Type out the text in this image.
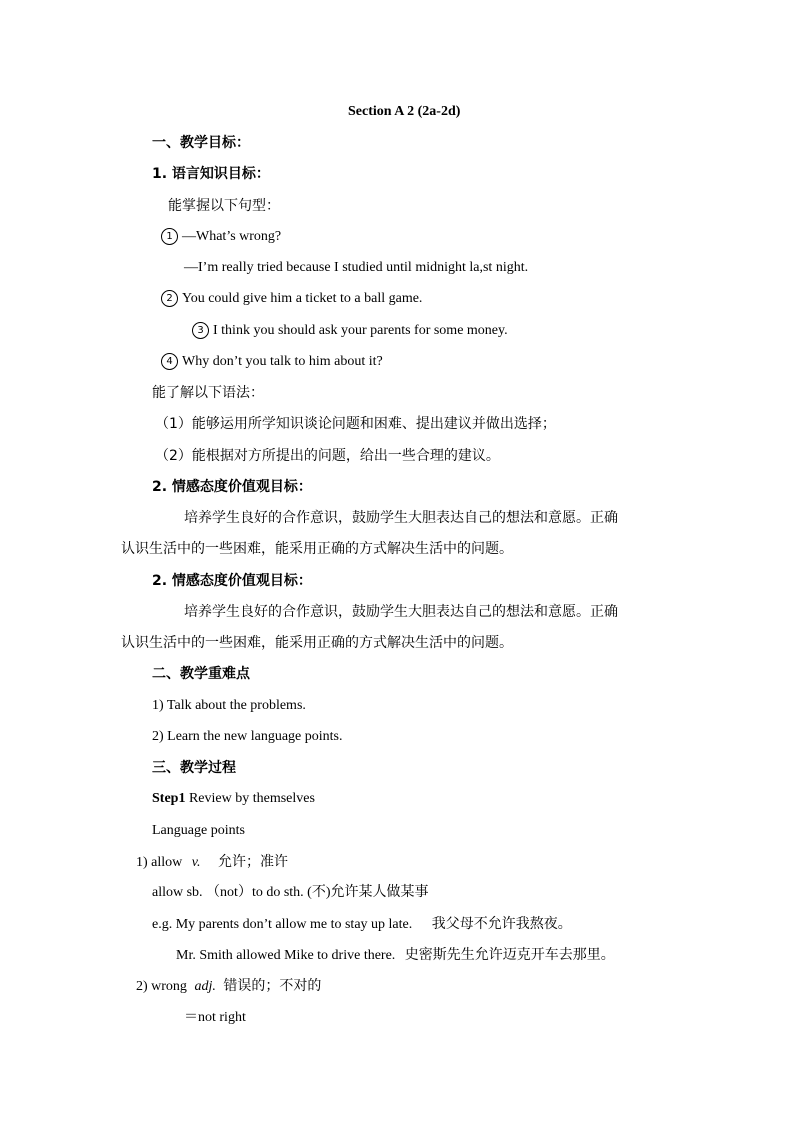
Section A 2 (2a-2d)
一、教学目标：
1. 语言知识目标：
能掌握以下句型：
1 —What’s wrong?
—I’m really tried because I studied until midnight la,st night.
2 You could give him a ticket to a ball game.
3 I think you should ask your parents for some money.
4 Why don’t you talk to him about it?
能了解以下语法：
（1）能够运用所学知识谈论问题和困难、提出建议并做出选择；
（2）能根据对方所提出的问题，给出一些合理的建议。
2. 情感态度价值观目标：
培养学生良好的合作意识，鼓励学生大胆表达自己的想法和意愿。正确
认识生活中的一些困难，能采用正确的方式解决生活中的问题。
2. 情感态度价值观目标：
培养学生良好的合作意识，鼓励学生大胆表达自己的想法和意愿。正确
认识生活中的一些困难，能采用正确的方式解决生活中的问题。
二、教学重难点
1) Talk about the problems.
2) Learn the new language points.
三、教学过程
Step1 Review by themselves
Language points
1) allow v. 允许；准许
allow sb. （not）to do sth. (不)允许某人做某事
e.g. My parents don’t allow me to stay up late. 我父母不允许我熬夜。
Mr. Smith allowed Mike to drive there. 史密斯先生允许迈克开车去那里。
2) wrong adj. 错误的；不对的
＝not right
